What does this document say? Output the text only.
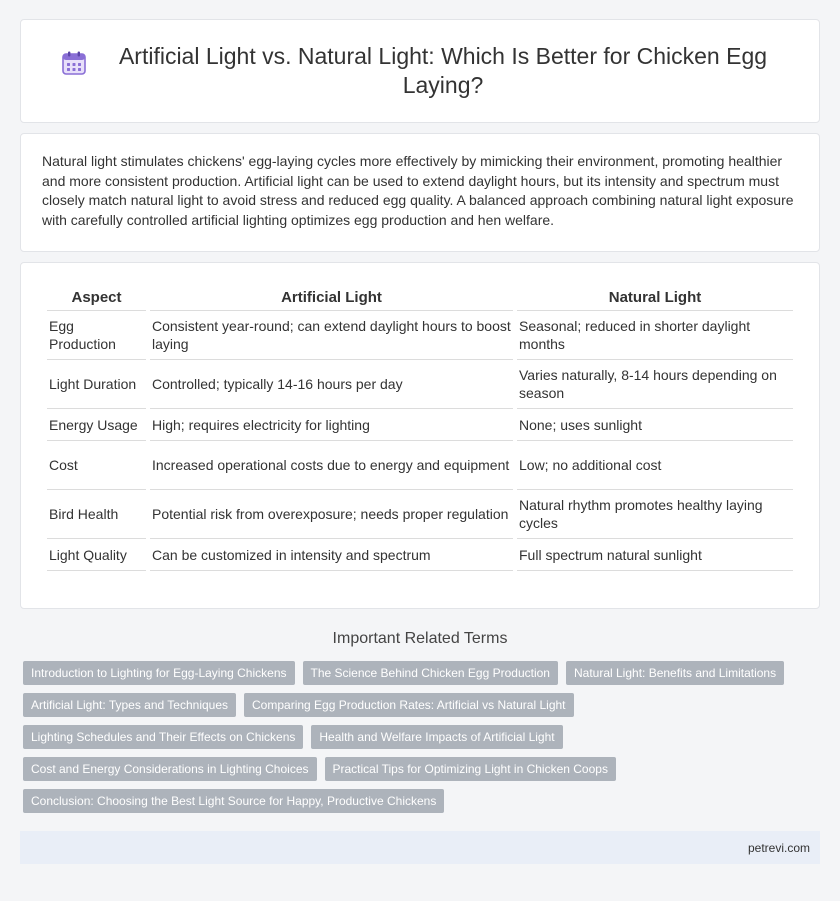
Artificial Light vs. Natural Light: Which Is Better for Chicken Egg Laying?

Natural light stimulates chickens' egg-laying cycles more effectively by mimicking their environment, promoting healthier and more consistent production. Artificial light can be used to extend daylight hours, but its intensity and spectrum must closely match natural light to avoid stress and reduced egg quality. A balanced approach combining natural light exposure with carefully controlled artificial lighting optimizes egg production and hen welfare.

Aspect	Artificial Light	Natural Light
Egg Production	Consistent year-round; can extend daylight hours to boost laying	Seasonal; reduced in shorter daylight months
Light Duration	Controlled; typically 14-16 hours per day	Varies naturally, 8-14 hours depending on season
Energy Usage	High; requires electricity for lighting	None; uses sunlight
Cost	Increased operational costs due to energy and equipment	Low; no additional cost
Bird Health	Potential risk from overexposure; needs proper regulation	Natural rhythm promotes healthy laying cycles
Light Quality	Can be customized in intensity and spectrum	Full spectrum natural sunlight
Important Related Terms
Introduction to Lighting for Egg-Laying Chickens	The Science Behind Chicken Egg Production	Natural Light: Benefits and Limitations
Artificial Light: Types and Techniques	Comparing Egg Production Rates: Artificial vs Natural Light
Lighting Schedules and Their Effects on Chickens	Health and Welfare Impacts of Artificial Light
Cost and Energy Considerations in Lighting Choices	Practical Tips for Optimizing Light in Chicken Coops
Conclusion: Choosing the Best Light Source for Happy, Productive Chickens
petrevi.com
